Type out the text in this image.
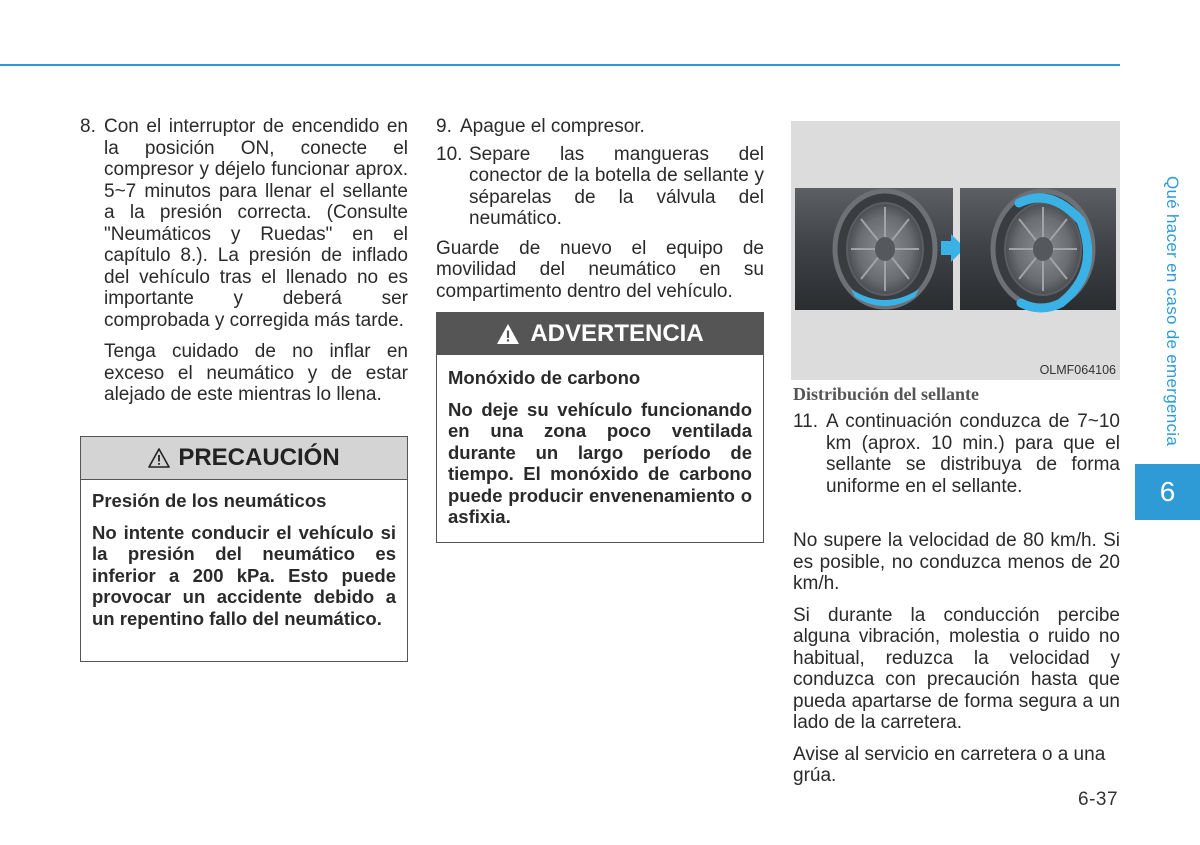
8. Con el interruptor de encendido en la posición ON, conecte el compresor y déjelo funcionar aprox. 5~7 minutos para llenar el sellante a la presión correcta. (Consulte "Neumáticos y Ruedas" en el capítulo 8.). La presión de inflado del vehículo tras el llenado no es importante y deberá ser comprobada y corregida más tarde.

Tenga cuidado de no inflar en exceso el neumático y de estar alejado de este mientras lo llena.

PRECAUCIÓN

Presión de los neumáticos

No intente conducir el vehículo si la presión del neumático es inferior a 200 kPa. Esto puede provocar un accidente debido a un repentino fallo del neumático.

9. Apague el compresor.
10. Separe las mangueras del conector de la botella de sellante y séparelas de la válvula del neumático.

Guarde de nuevo el equipo de movilidad del neumático en su compartimento dentro del vehículo.

ADVERTENCIA

Monóxido de carbono

No deje su vehículo funcionando en una zona poco ventilada durante un largo período de tiempo. El monóxido de carbono puede producir envenenamiento o asfixia.

OLMF064106
Distribución del sellante
11. A continuación conduzca de 7~10 km (aprox. 10 min.) para que el sellante se distribuya de forma uniforme en el sellante.

No supere la velocidad de 80 km/h. Si es posible, no conduzca menos de 20 km/h.

Si durante la conducción percibe alguna vibración, molestia o ruido no habitual, reduzca la velocidad y conduzca con precaución hasta que pueda apartarse de forma segura a un lado de la carretera.

Avise al servicio en carretera o a una grúa.

Qué hacer en caso de emergencia
6
6-37
